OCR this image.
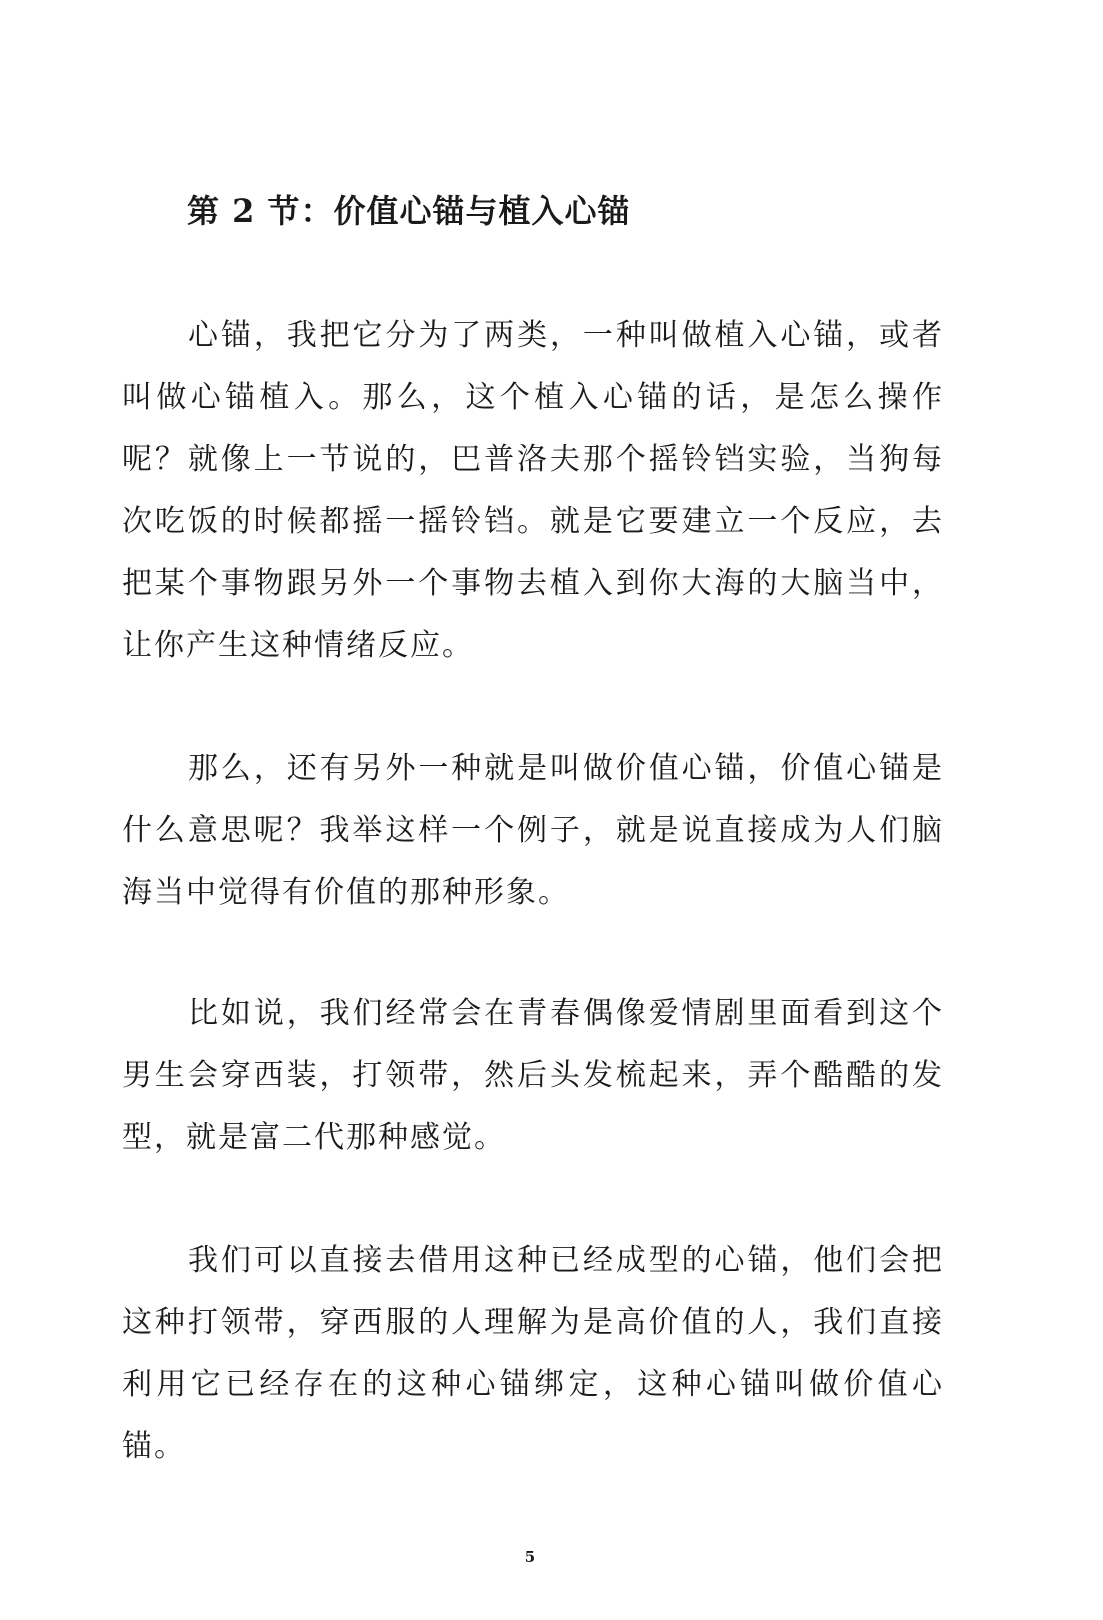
第 2 节：价值心锚与植入心锚

心锚，我把它分为了两类，一种叫做植入心锚，或者叫做心锚植入。那么，这个植入心锚的话，是怎么操作呢？就像上一节说的，巴普洛夫那个摇铃铛实验，当狗每次吃饭的时候都摇一摇铃铛。就是它要建立一个反应，去把某个事物跟另外一个事物去植入到你大海的大脑当中，让你产生这种情绪反应。

那么，还有另外一种就是叫做价值心锚，价值心锚是什么意思呢？我举这样一个例子，就是说直接成为人们脑海当中觉得有价值的那种形象。

比如说，我们经常会在青春偶像爱情剧里面看到这个男生会穿西装，打领带，然后头发梳起来，弄个酷酷的发型，就是富二代那种感觉。

我们可以直接去借用这种已经成型的心锚，他们会把这种打领带，穿西服的人理解为是高价值的人，我们直接利用它已经存在的这种心锚绑定，这种心锚叫做价值心锚。

5
